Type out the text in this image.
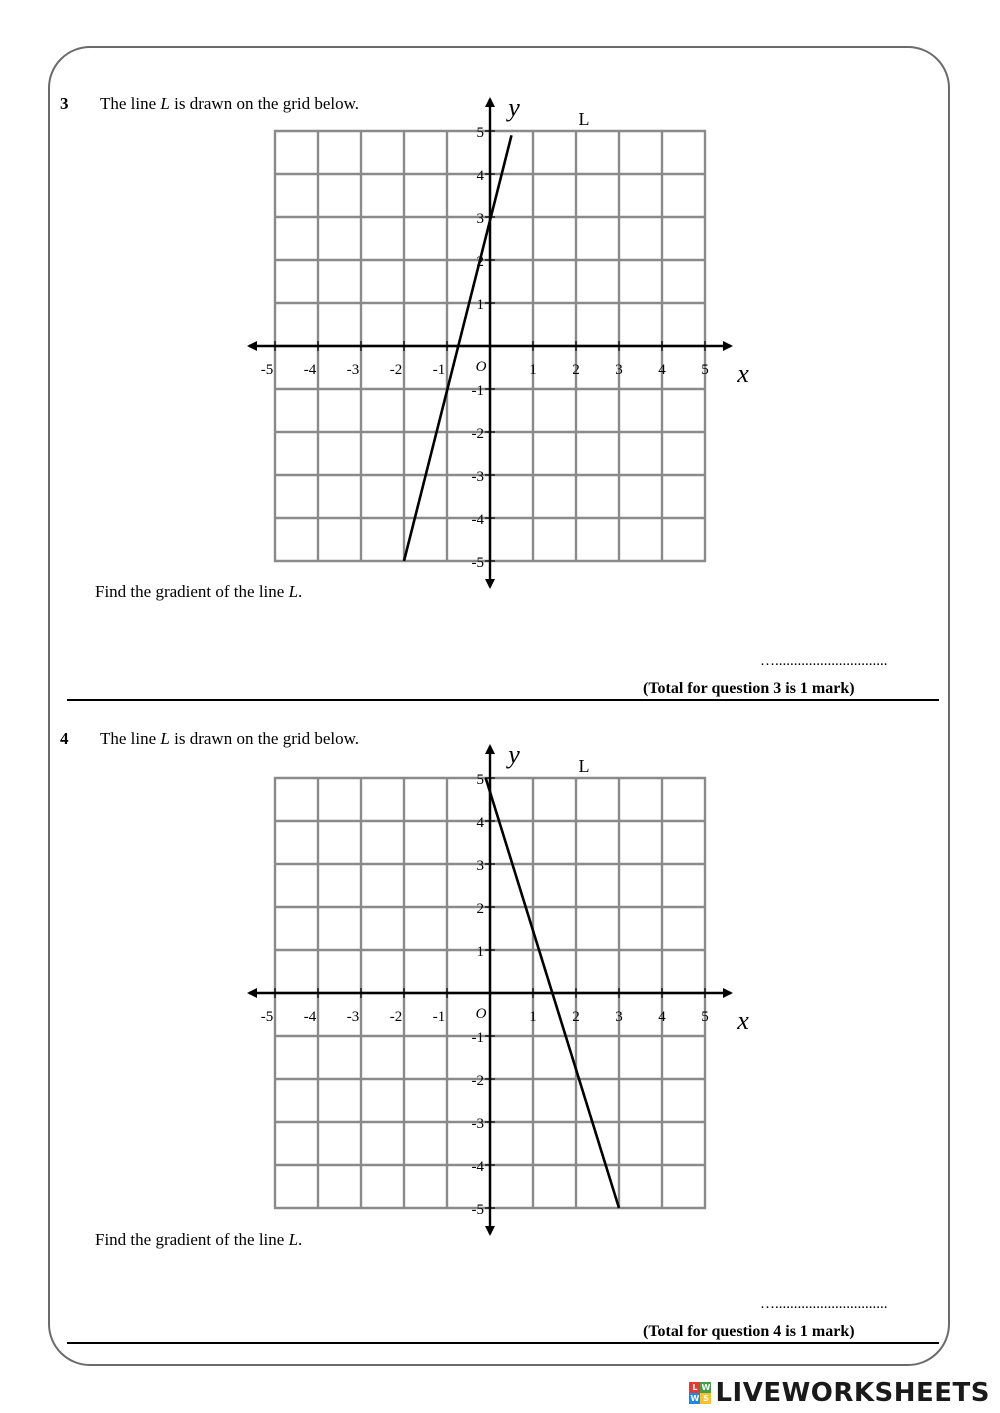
3 The line L is drawn on the grid below.
-5 -4 -3 -2 -1	1 2 3 4 5
5
4
3
2
1
-1
-2
-3
-4
-5
O	x
y	L
Find the gradient of the line L.
…..............................
(Total for question 3 is 1 mark)
4 The line L is drawn on the grid below.
-5 -4 -3 -2 -1	1 2 3 4 5
5
4
3
2
1
-1
-2
-3
-4
-5
O	x
y	L
Find the gradient of the line L.
…..............................
(Total for question 4 is 1 mark)
L W
W S LIVEWORKSHEETS
